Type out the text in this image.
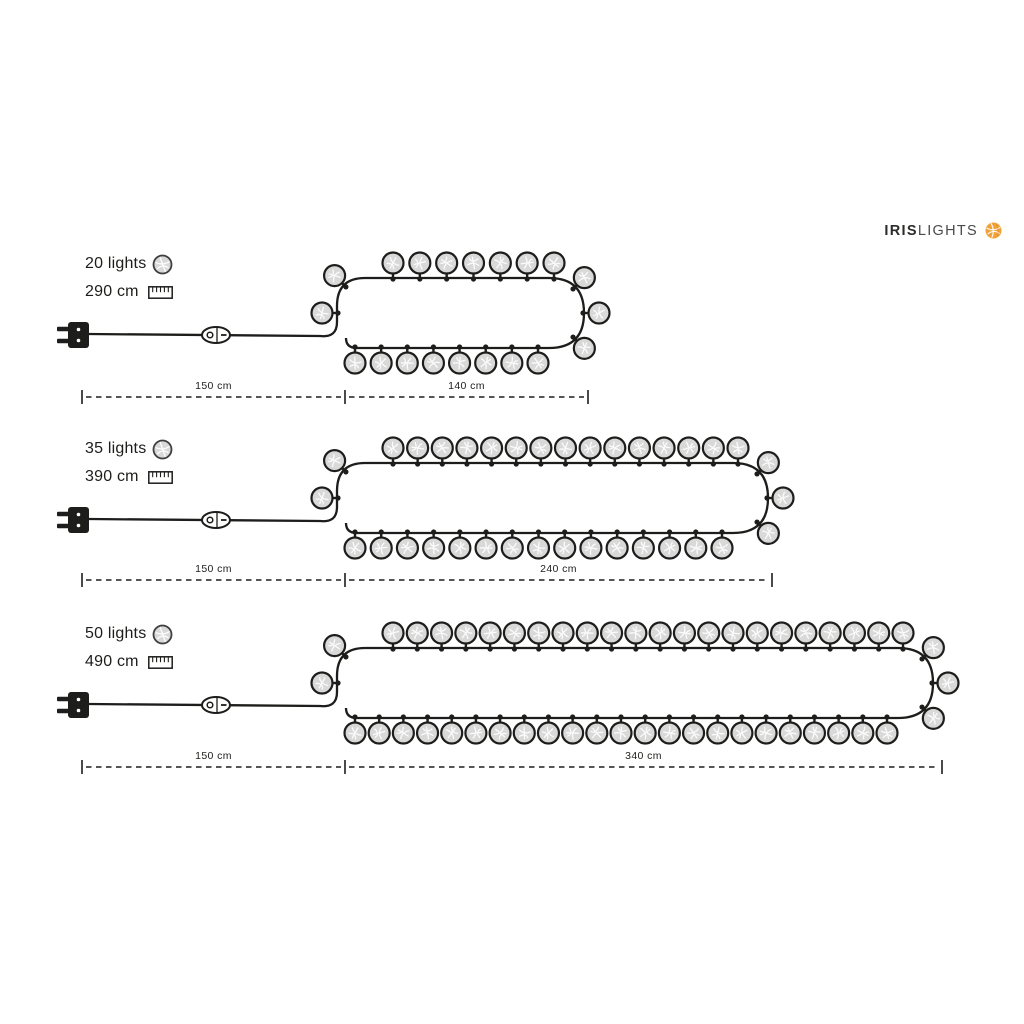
150 cm	140 cm
150 cm	240 cm
150 cm	340 cm
IRISLIGHTS
20 lights
290 cm
35 lights
390 cm
50 lights
490 cm
